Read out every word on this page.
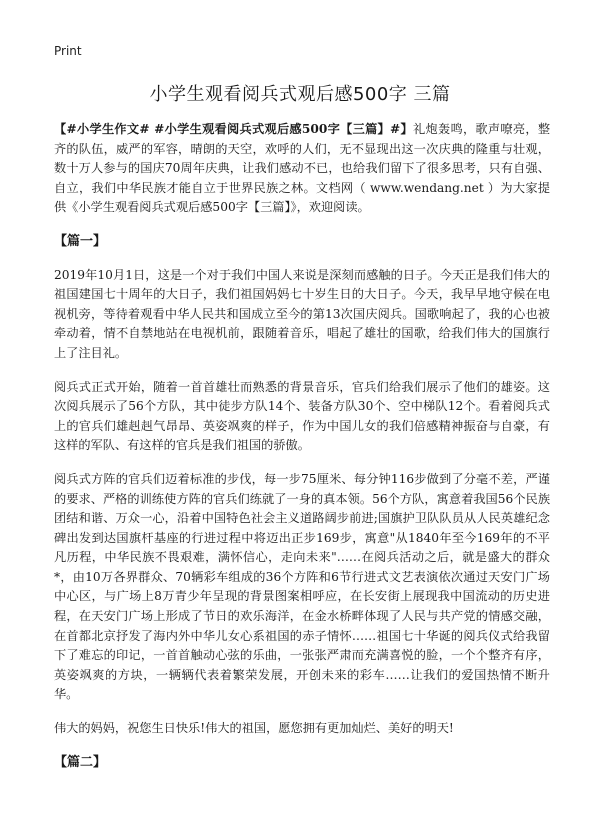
Print
小学生观看阅兵式观后感500字 三篇

【#小学生作文# #小学生观看阅兵式观后感500字【三篇】#】礼炮轰鸣，歌声嘹亮，整齐的队伍，威严的军容，晴朗的天空，欢呼的人们，无不显现出这一次庆典的隆重与壮观，数十万人参与的国庆70周年庆典，让我们感动不已，也给我们留下了很多思考，只有自强、自立，我们中华民族才能自立于世界民族之林。文档网（ www.wendang.net ）为大家提供《小学生观看阅兵式观后感500字【三篇】》，欢迎阅读。

【篇一】

2019年10月1日，这是一个对于我们中国人来说是深刻而感触的日子。今天正是我们伟大的祖国建国七十周年的大日子，我们祖国妈妈七十岁生日的大日子。今天，我早早地守候在电视机旁，等待着观看中华人民共和国成立至今的第13次国庆阅兵。国歌响起了，我的心也被牵动着，情不自禁地站在电视机前，跟随着音乐，唱起了雄壮的国歌，给我们伟大的国旗行上了注目礼。

阅兵式正式开始，随着一首首雄壮而熟悉的背景音乐，官兵们给我们展示了他们的雄姿。这次阅兵展示了56个方队，其中徒步方队14个、装备方队30个、空中梯队12个。看着阅兵式上的官兵们雄赳赳气昂昂、英姿飒爽的样子，作为中国儿女的我们倍感精神振奋与自豪，有这样的军队、有这样的官兵是我们祖国的骄傲。

阅兵式方阵的官兵们迈着标准的步伐，每一步75厘米、每分钟116步做到了分毫不差，严谨的要求、严格的训练使方阵的官兵们练就了一身的真本领。56个方队，寓意着我国56个民族团结和谐、万众一心，沿着中国特色社会主义道路阔步前进;国旗护卫队队员从人民英雄纪念碑出发到达国旗杆基座的行进过程中将迈出正步169步，寓意"从1840年至今169年的不平凡历程，中华民族不畏艰难，满怀信心，走向未来"……在阅兵活动之后，就是盛大的群众*，由10万各界群众、70辆彩车组成的36个方阵和6节行进式文艺表演依次通过天安门广场中心区，与广场上8万青少年呈现的背景图案相呼应，在长安街上展现我中国流动的历史进程，在天安门广场上形成了节日的欢乐海洋，在金水桥畔体现了人民与共产党的情感交融，在首都北京抒发了海内外中华儿女心系祖国的赤子情怀……祖国七十华诞的阅兵仪式给我留下了难忘的印记，一首首触动心弦的乐曲，一张张严肃而充满喜悦的脸，一个个整齐有序，英姿飒爽的方块，一辆辆代表着繁荣发展，开创未来的彩车……让我们的爱国热情不断升华。

伟大的妈妈，祝您生日快乐!伟大的祖国，愿您拥有更加灿烂、美好的明天!

【篇二】
